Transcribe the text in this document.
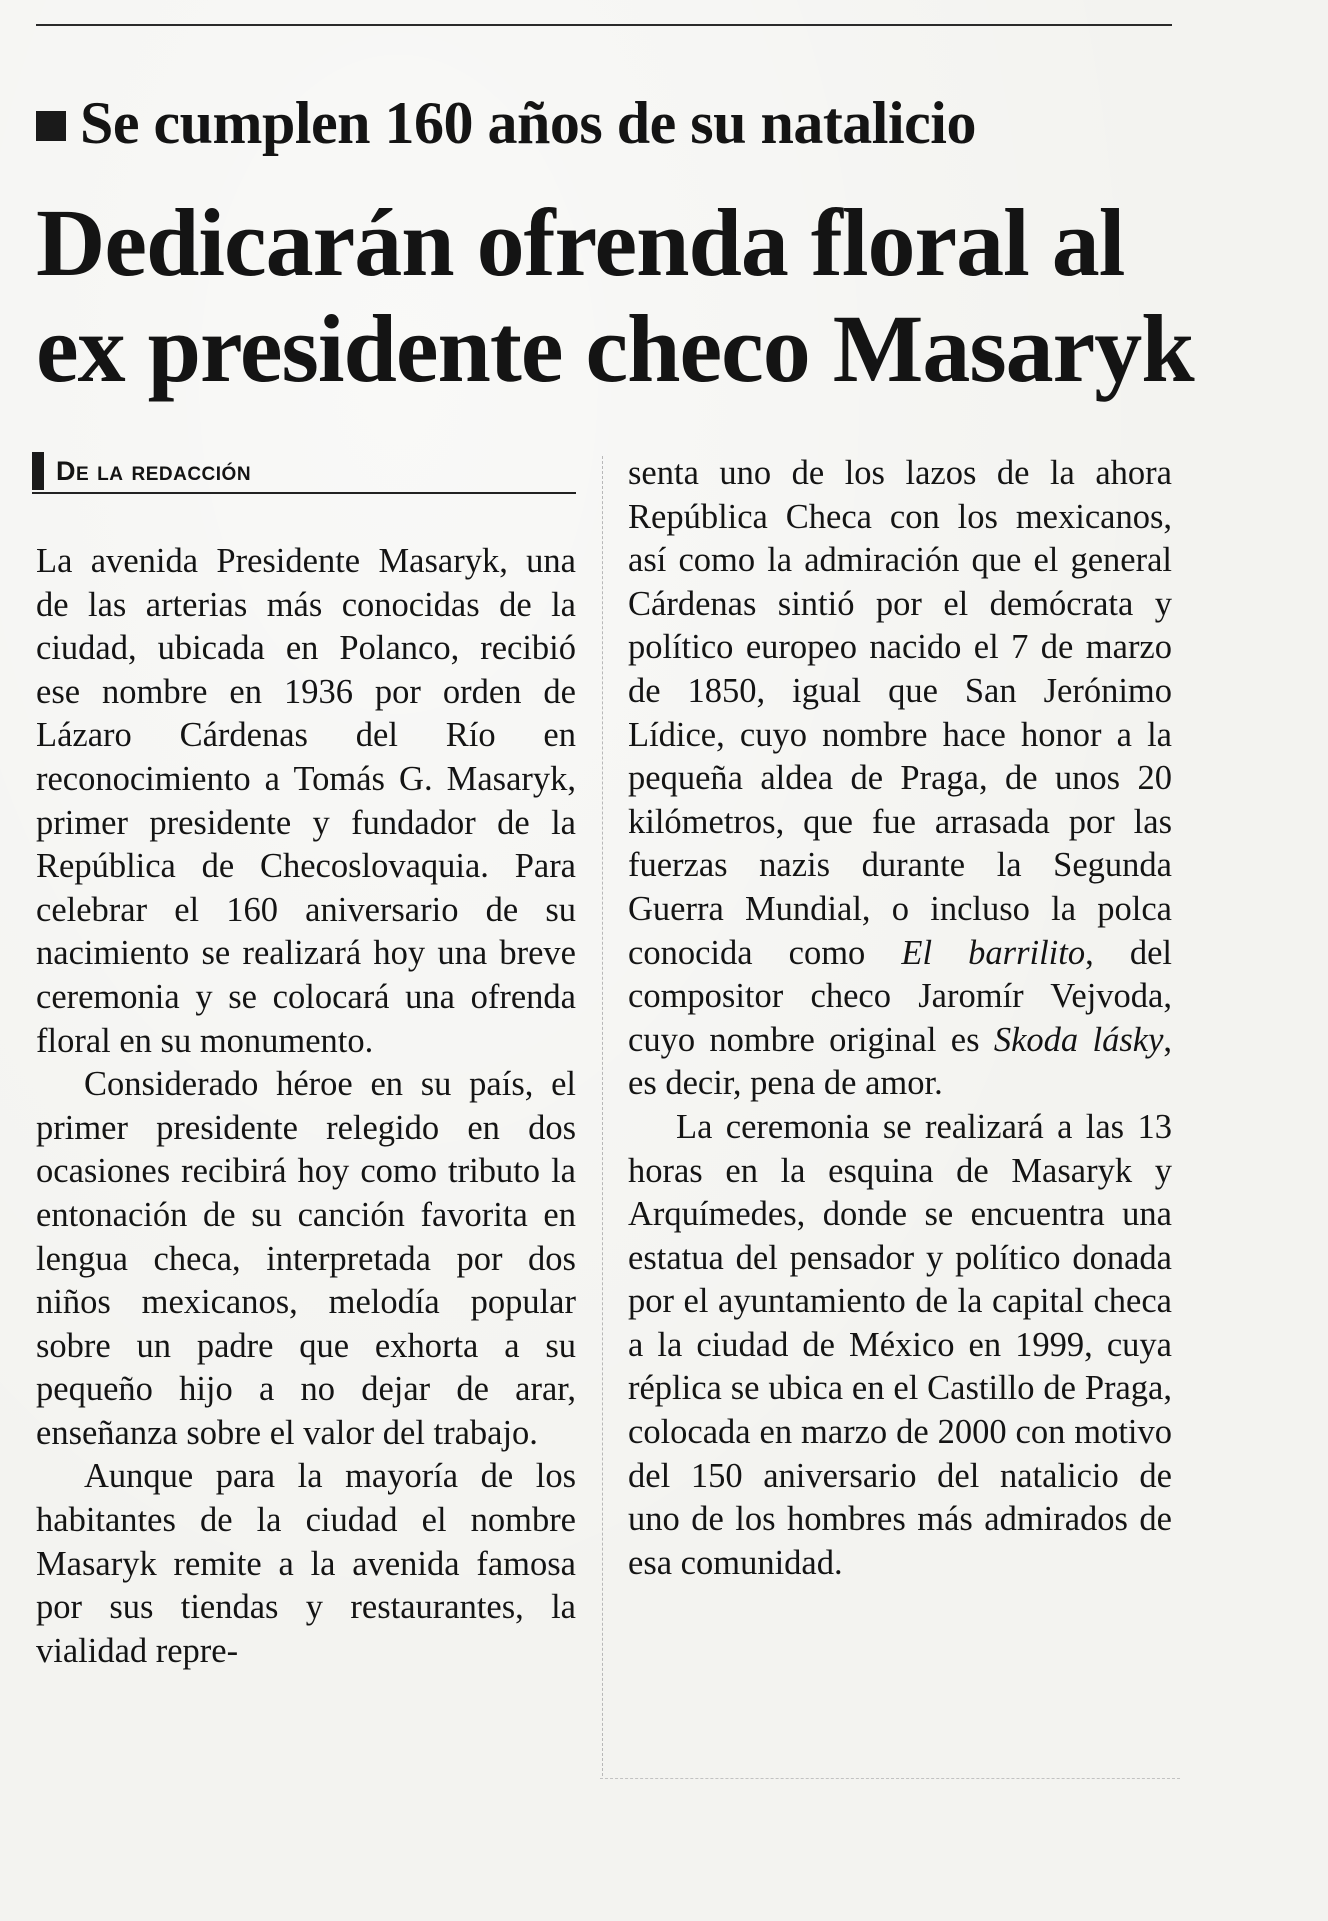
Se cumplen 160 años de su natalicio
Dedicarán ofrenda floral al
ex presidente checo Masaryk
De la redacción

La avenida Presidente Masaryk, una de las arterias más conocidas de la ciudad, ubicada en Polanco, recibió ese nombre en 1936 por orden de Lázaro Cárdenas del Río en reconocimiento a Tomás G. Masaryk, primer presidente y fundador de la República de Checoslovaquia. Para celebrar el 160 aniversario de su nacimiento se realizará hoy una breve ceremonia y se colocará una ofrenda floral en su monumento.

Considerado héroe en su país, el primer presidente relegido en dos ocasiones recibirá hoy como tributo la entonación de su canción favorita en lengua checa, interpretada por dos niños mexicanos, melodía popular sobre un padre que exhorta a su pequeño hijo a no dejar de arar, enseñanza sobre el valor del trabajo.

Aunque para la mayoría de los habitantes de la ciudad el nombre Masaryk remite a la avenida famosa por sus tiendas y restaurantes, la vialidad repre-

senta uno de los lazos de la ahora República Checa con los mexicanos, así como la admiración que el general Cárdenas sintió por el demócrata y político europeo nacido el 7 de marzo de 1850, igual que San Jerónimo Lídice, cuyo nombre hace honor a la pequeña aldea de Praga, de unos 20 kilómetros, que fue arrasada por las fuerzas nazis durante la Segunda Guerra Mundial, o incluso la polca conocida como El barrilito, del compositor checo Jaromír Vejvoda, cuyo nombre original es Skoda lásky, es decir, pena de amor.

La ceremonia se realizará a las 13 horas en la esquina de Masaryk y Arquímedes, donde se encuentra una estatua del pensador y político donada por el ayuntamiento de la capital checa a la ciudad de México en 1999, cuya réplica se ubica en el Castillo de Praga, colocada en marzo de 2000 con motivo del 150 aniversario del natalicio de uno de los hombres más admirados de esa comunidad.
